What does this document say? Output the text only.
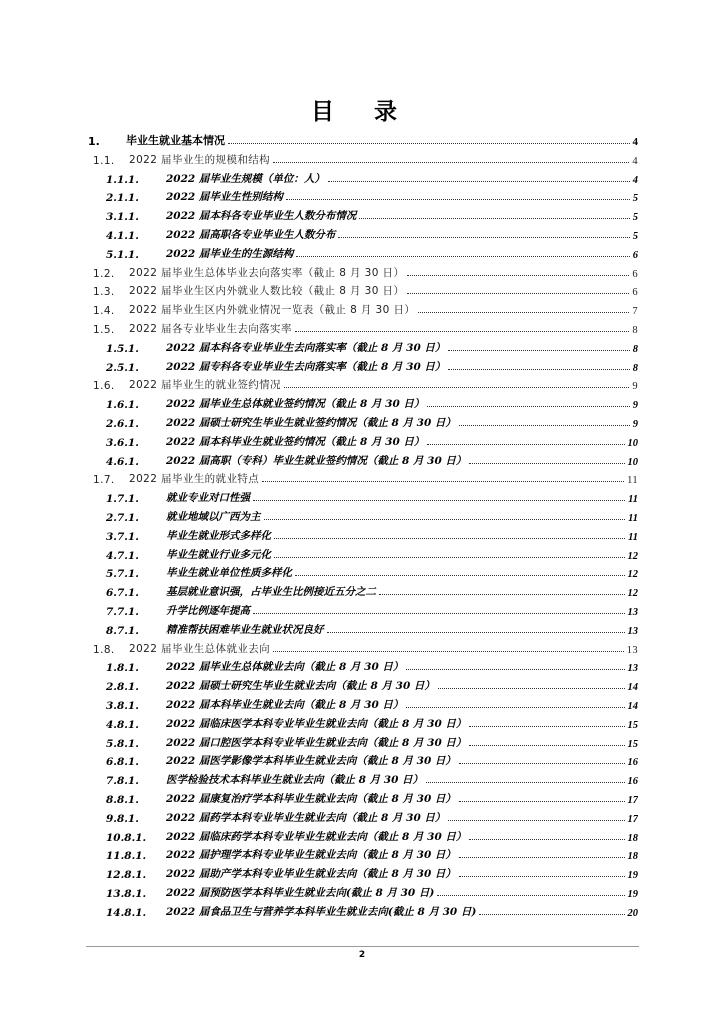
目 录
1.	毕业生就业基本情况	4
1.1.	2022 届毕业生的规模和结构	4
1.1.1.	2022 届毕业生规模（单位：人）	4
2.1.1.	2022 届毕业生性别结构	5
3.1.1.	2022 届本科各专业毕业生人数分布情况	5
4.1.1.	2022 届高职各专业毕业生人数分布	5
5.1.1.	2022 届毕业生的生源结构	6
1.2.	2022 届毕业生总体毕业去向落实率（截止 8 月 30 日）	6
1.3.	2022 届毕业生区内外就业人数比较（截止 8 月 30 日）	6
1.4.	2022 届毕业生区内外就业情况一览表（截止 8 月 30 日）	7
1.5.	2022 届各专业毕业生去向落实率	8
1.5.1.	2022 届本科各专业毕业生去向落实率（截止 8 月 30 日）	8
2.5.1.	2022 届专科各专业毕业生去向落实率（截止 8 月 30 日）	8
1.6.	2022 届毕业生的就业签约情况	9
1.6.1.	2022 届毕业生总体就业签约情况（截止 8 月 30 日）	9
2.6.1.	2022 届硕士研究生毕业生就业签约情况（截止 8 月 30 日）	9
3.6.1.	2022 届本科毕业生就业签约情况（截止 8 月 30 日）	10
4.6.1.	2022 届高职（专科）毕业生就业签约情况（截止 8 月 30 日）	10
1.7.	2022 届毕业生的就业特点	11
1.7.1.	就业专业对口性强	11
2.7.1.	就业地域以广西为主	11
3.7.1.	毕业生就业形式多样化	11
4.7.1.	毕业生就业行业多元化	12
5.7.1.	毕业生就业单位性质多样化	12
6.7.1.	基层就业意识强，占毕业生比例接近五分之二	12
7.7.1.	升学比例逐年提高	13
8.7.1.	精准帮扶困难毕业生就业状况良好	13
1.8.	2022 届毕业生总体就业去向	13
1.8.1.	2022 届毕业生总体就业去向（截止 8 月 30 日）	13
2.8.1.	2022 届硕士研究生毕业生就业去向（截止 8 月 30 日）	14
3.8.1.	2022 届本科毕业生就业去向（截止 8 月 30 日）	14
4.8.1.	2022 届临床医学本科专业毕业生就业去向（截止 8 月 30 日）	15
5.8.1.	2022 届口腔医学本科专业毕业生就业去向（截止 8 月 30 日）	15
6.8.1.	2022 届医学影像学本科毕业生就业去向（截止 8 月 30 日）	16
7.8.1.	医学检验技术本科毕业生就业去向（截止 8 月 30 日）	16
8.8.1.	2022 届康复治疗学本科毕业生就业去向（截止 8 月 30 日）	17
9.8.1.	2022 届药学本科专业毕业生就业去向（截止 8 月 30 日）	17
10.8.1.	2022 届临床药学本科专业毕业生就业去向（截止 8 月 30 日）	18
11.8.1.	2022 届护理学本科专业毕业生就业去向（截止 8 月 30 日）	18
12.8.1.	2022 届助产学本科专业毕业生就业去向（截止 8 月 30 日）	19
13.8.1.	2022 届预防医学本科毕业生就业去向(截止 8 月 30 日)	19
14.8.1.	2022 届食品卫生与营养学本科毕业生就业去向(截止 8 月 30 日)	20
2
